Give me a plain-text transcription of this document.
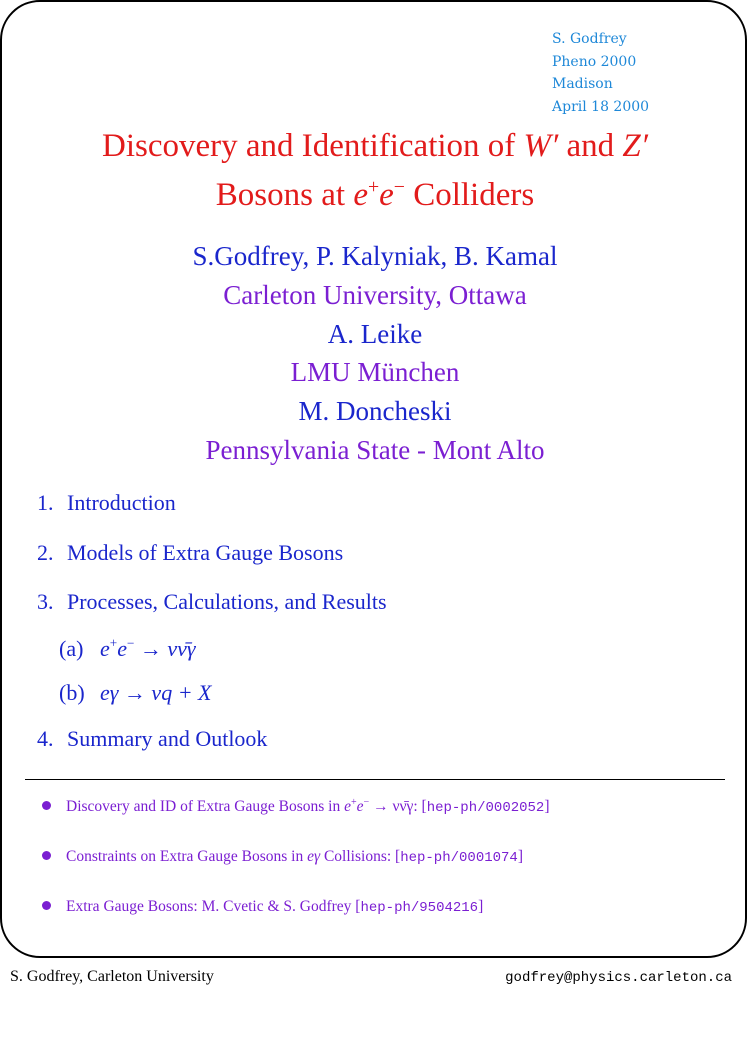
S. Godfrey
Pheno 2000
Madison
April 18 2000
Discovery and Identification of W′ and Z′
Bosons at e+e− Colliders
S.Godfrey, P. Kalyniak, B. Kamal
Carleton University, Ottawa
A. Leike
LMU München
M. Doncheski
Pennsylvania State - Mont Alto
1. Introduction
2. Models of Extra Gauge Bosons
3. Processes, Calculations, and Results
(a) e+e− → νν̄γ
(b) eγ → νq + X
4. Summary and Outlook
Discovery and ID of Extra Gauge Bosons in e+e− → νν̄γ: [hep-ph/0002052]
Constraints on Extra Gauge Bosons in eγ Collisions: [hep-ph/0001074]
Extra Gauge Bosons: M. Cvetic & S. Godfrey [hep-ph/9504216]
S. Godfrey, Carleton University	godfrey@physics.carleton.ca
